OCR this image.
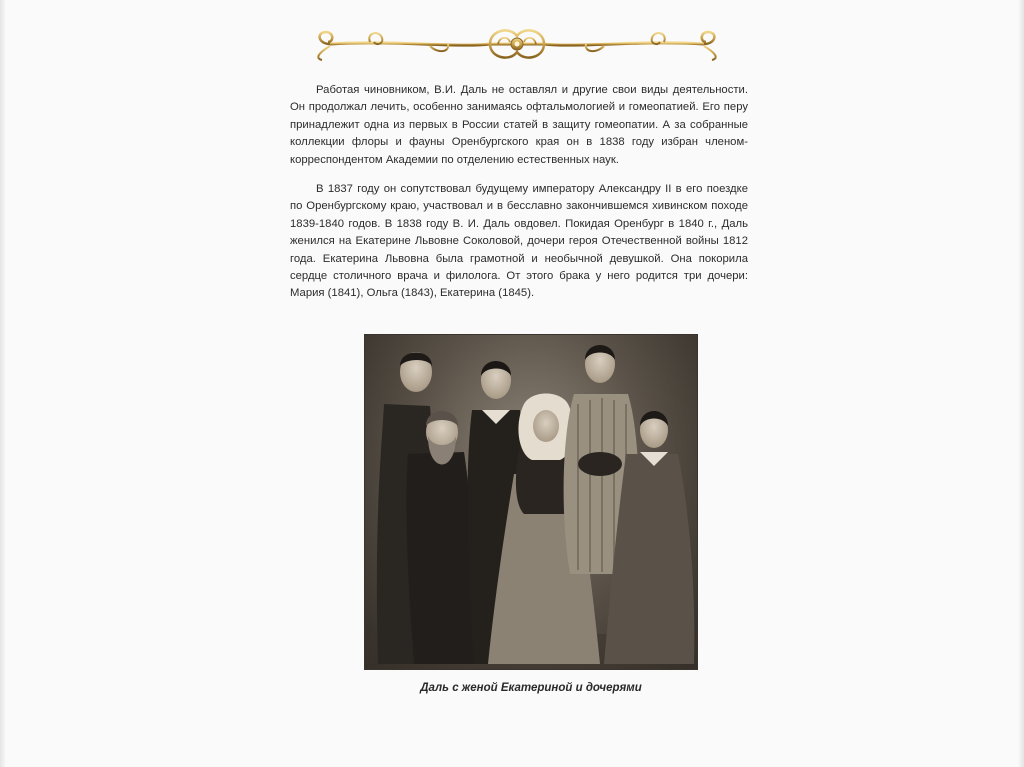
Работая чиновником, В.И. Даль не оставлял и другие свои виды деятельности. Он продолжал лечить, особенно занимаясь офтальмологией и гомеопатией. Его перу принадлежит одна из первых в России статей в защиту гомеопатии. А за собранные коллекции флоры и фауны Оренбургского края он в 1838 году избран членом-корреспондентом Академии по отделению естественных наук.

В 1837 году он сопутствовал будущему императору Александру II в его поездке по Оренбургскому краю, участвовал и в бесславно закончившемся хивинском походе 1839-1840 годов. В 1838 году В. И. Даль овдовел. Покидая Оренбург в 1840 г., Даль женился на Екатерине Львовне Соколовой, дочери героя Отечественной войны 1812 года. Екатерина Львовна была грамотной и необычной девушкой. Она покорила сердце столичного врача и филолога. От этого брака у него родится три дочери: Мария (1841), Ольга (1843), Екатерина (1845).

Даль с женой Екатериной и дочерями
